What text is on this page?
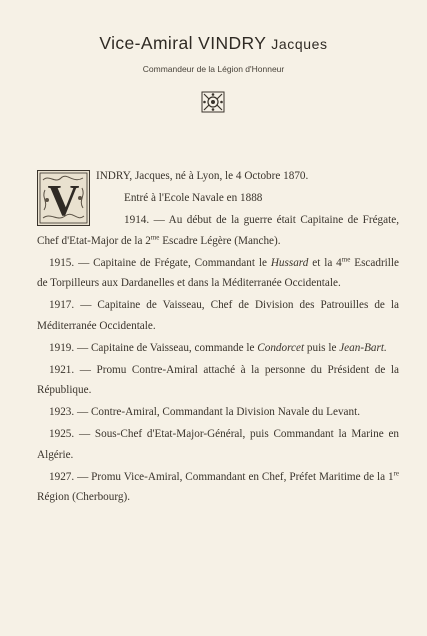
Vice-Amiral VINDRY Jacques
Commandeur de la Légion d'Honneur
V	INDRY, Jacques, né à Lyon, le 4 Octobre 1870.

Entré à l'Ecole Navale en 1888

1914. — Au début de la guerre était Capitaine de Frégate, Chef d'Etat-Major de la $2^{me}$ Escadre Légère (Manche).

1915. — Capitaine de Frégate, Commandant le Hussard et la $4^{me}$ Escadrille de Torpilleurs aux Dardanelles et dans la Méditerranée Occidentale.

1917. — Capitaine de Vaisseau, Chef de Division des Patrouilles de la Méditerranée Occidentale.

1919. — Capitaine de Vaisseau, commande le Condorcet puis le Jean-Bart.

1921. — Promu Contre-Amiral attaché à la personne du Président de la République.

1923. — Contre-Amiral, Commandant la Division Navale du Levant.

1925. — Sous-Chef d'Etat-Major-Général, puis Commandant la Marine en Algérie.

1927. — Promu Vice-Amiral, Commandant en Chef, Préfet Maritime de la 1re Région (Cherbourg).
